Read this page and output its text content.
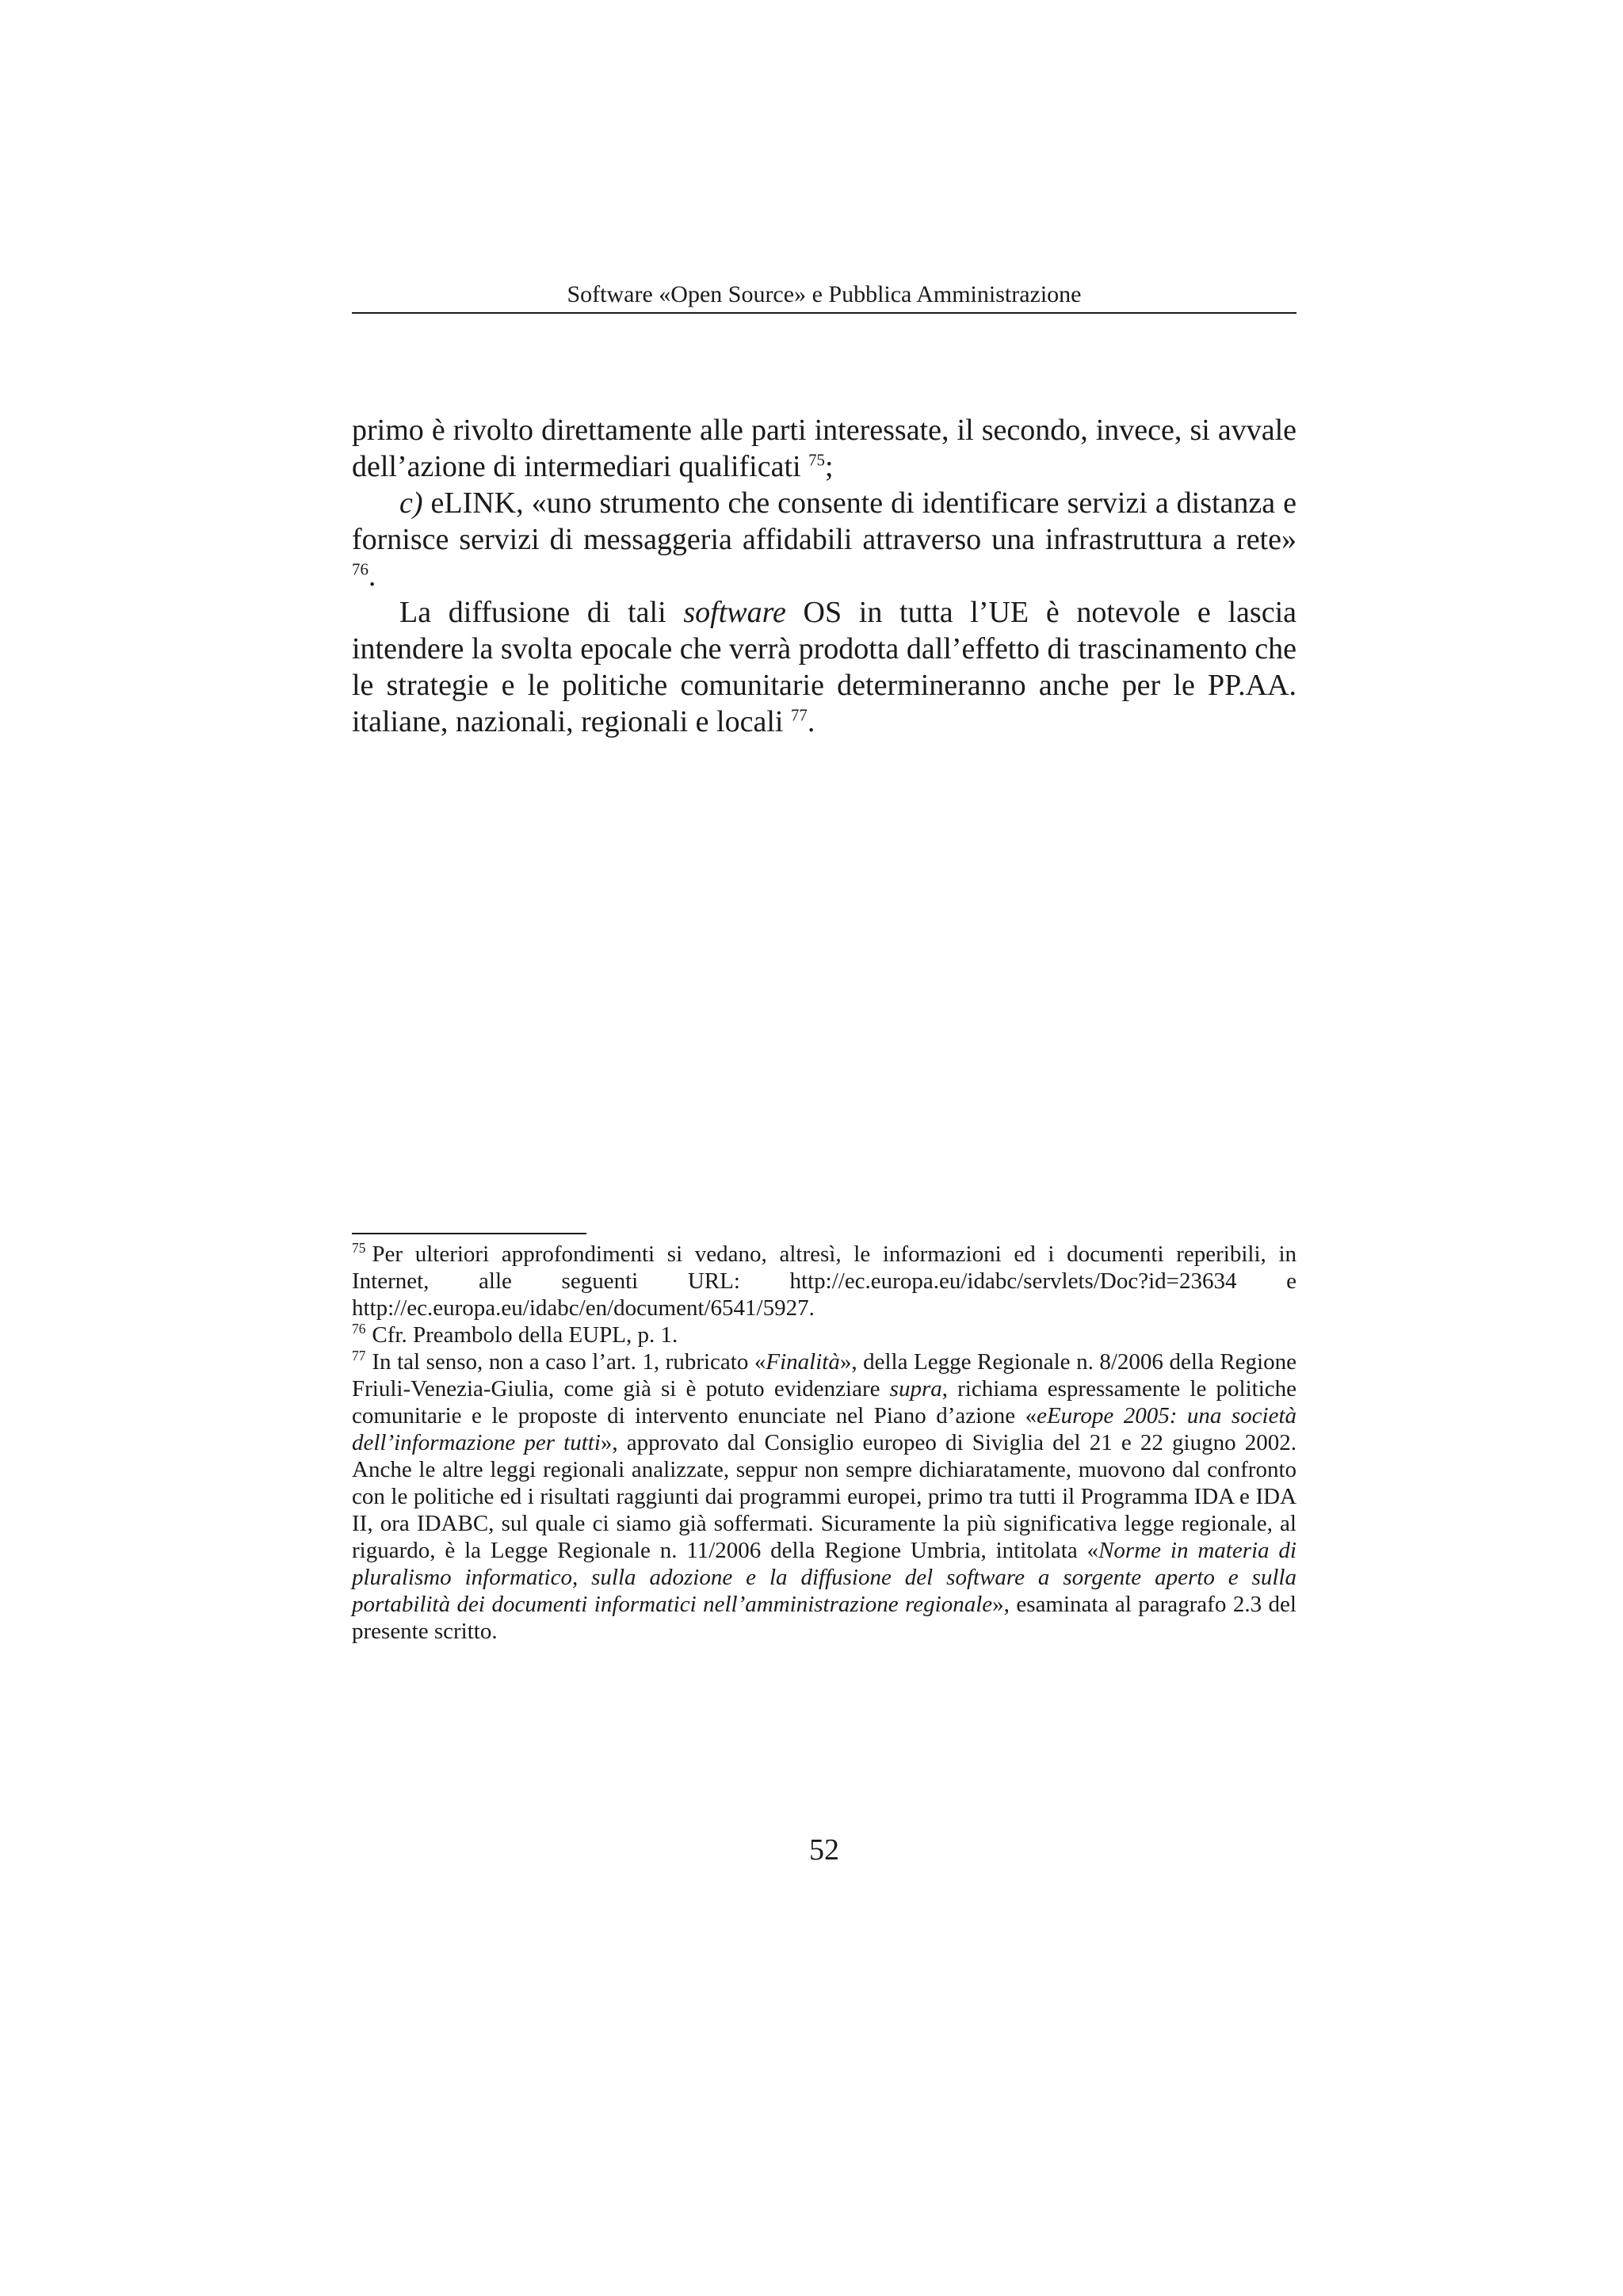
Software «Open Source» e Pubblica Amministrazione

primo è rivolto direttamente alle parti interessate, il secondo, invece, si avvale dell’azione di intermediari qualificati $^{75}$;

c) eLINK, «uno strumento che consente di identificare servizi a distanza e fornisce servizi di messaggeria affidabili attraverso una infrastruttura a rete» $^{76}$.

La diffusione di tali software OS in tutta l’UE è notevole e lascia intendere la svolta epocale che verrà prodotta dall’effetto di trascinamento che le strategie e le politiche comunitarie determineranno anche per le PP.AA. italiane, nazionali, regionali e locali $^{77}$.

$^{75}$ Per ulteriori approfondimenti si vedano, altresì, le informazioni ed i documenti reperibili, in Internet, alle seguenti URL: http://ec.europa.eu/idabc/servlets/Doc?id=23634 e http://ec.europa.eu/idabc/en/document/6541/5927.

$^{76}$ Cfr. Preambolo della EUPL, p. 1.

$^{77}$ In tal senso, non a caso l’art. 1, rubricato «Finalità», della Legge Regionale n. 8/2006 della Regione Friuli-Venezia-Giulia, come già si è potuto evidenziare supra, richiama espressamente le politiche comunitarie e le proposte di intervento enunciate nel Piano d’azione «eEurope 2005: una società dell’informazione per tutti», approvato dal Consiglio europeo di Siviglia del 21 e 22 giugno 2002. Anche le altre leggi regionali analizzate, seppur non sempre dichiaratamente, muovono dal confronto con le politiche ed i risultati raggiunti dai programmi europei, primo tra tutti il Programma IDA e IDA II, ora IDABC, sul quale ci siamo già soffermati. Sicuramente la più significativa legge regionale, al riguardo, è la Legge Regionale n. 11/2006 della Regione Umbria, intitolata «Norme in materia di pluralismo informatico, sulla adozione e la diffusione del software a sorgente aperto e sulla portabilità dei documenti informatici nell’amministrazione regionale», esaminata al paragrafo 2.3 del presente scritto.

52
